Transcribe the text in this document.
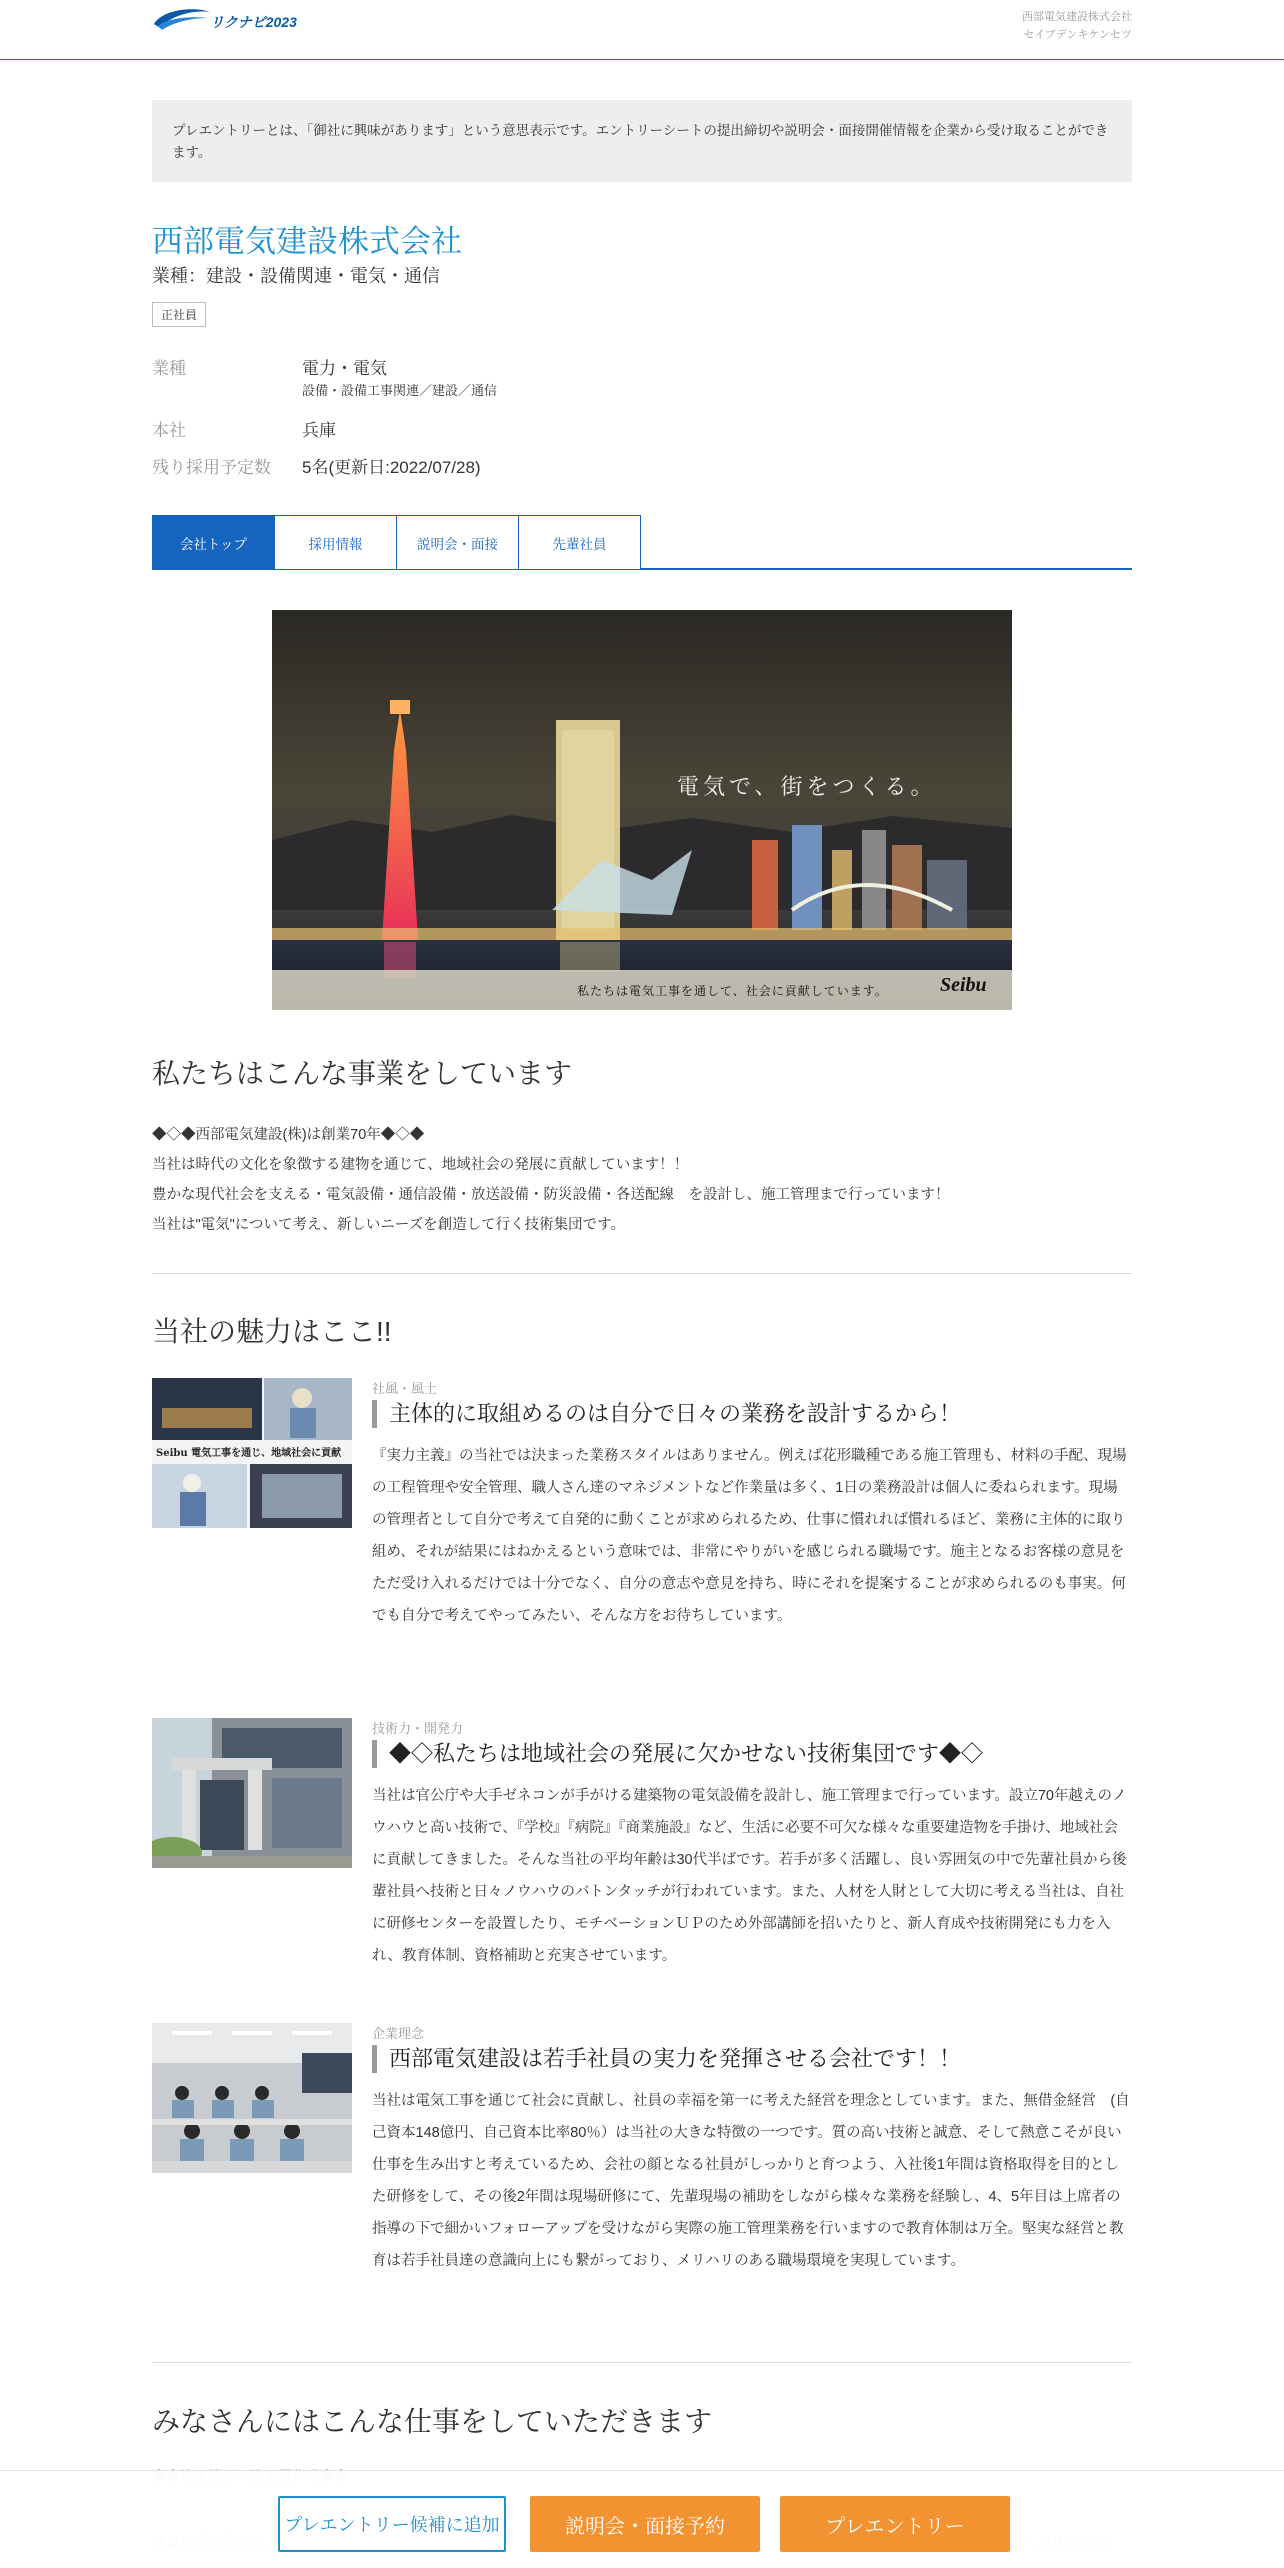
リクナビ2023	西部電気建設株式会社
セイブデンキケンセツ
プレエントリーとは、「御社に興味があります」という意思表示です。エントリーシートの提出締切や説明会・面接開催情報を企業から受け取ることができます。
西部電気建設株式会社
業種：建設・設備関連・電気・通信
正社員
業種	電力・電気
設備・設備工事関連／建設／通信
本社	兵庫
残り採用予定数	5名(更新日:2022/07/28)
会社トップ	採用情報	説明会・面接	先輩社員
電気で、街をつくる。
私たちは電気工事を通して、社会に貢献しています。	Seibu
私たちはこんな事業をしています
◆◇◆西部電気建設(株)は創業70年◆◇◆
当社は時代の文化を象徴する建物を通じて、地域社会の発展に貢献しています！！
豊かな現代社会を支える・電気設備・通信設備・放送設備・防災設備・各送配線　を設計し、施工管理まで行っています！
当社は"電気"について考え、新しいニーズを創造して行く技術集団です。
当社の魅力はここ!!
Seibu 電気工事を通じ、地域社会に貢献
社風・風土
主体的に取組めるのは自分で日々の業務を設計するから！
『実力主義』の当社では決まった業務スタイルはありません。例えば花形職種である施工管理も、材料の手配、現場の工程管理や安全管理、職人さん達のマネジメントなど作業量は多く、1日の業務設計は個人に委ねられます。現場の管理者として自分で考えて自発的に動くことが求められるため、仕事に慣れれば慣れるほど、業務に主体的に取り組め、それが結果にはねかえるという意味では、非常にやりがいを感じられる職場です。施主となるお客様の意見をただ受け入れるだけでは十分でなく、自分の意志や意見を持ち、時にそれを提案することが求められるのも事実。何でも自分で考えてやってみたい、そんな方をお待ちしています。
技術力・開発力
◆◇私たちは地域社会の発展に欠かせない技術集団です◆◇
当社は官公庁や大手ゼネコンが手がける建築物の電気設備を設計し、施工管理まで行っています。設立70年越えのノウハウと高い技術で、『学校』『病院』『商業施設』など、生活に必要不可欠な様々な重要建造物を手掛け、地域社会に貢献してきました。そんな当社の平均年齢は30代半ばです。若手が多く活躍し、良い雰囲気の中で先輩社員から後輩社員へ技術と日々ノウハウのバトンタッチが行われています。また、人材を人財として大切に考える当社は、自社に研修センターを設置したり、モチベーションＵＰのため外部講師を招いたりと、新人育成や技術開発にも力を入れ、教育体制、資格補助と充実させています。
企業理念
西部電気建設は若手社員の実力を発揮させる会社です！！
当社は電気工事を通じて社会に貢献し、社員の幸福を第一に考えた経営を理念としています。また、無借金経営　(自己資本148億円、自己資本比率80％）は当社の大きな特徴の一つです。質の高い技術と誠意、そして熱意こそが良い仕事を生み出すと考えているため、会社の顔となる社員がしっかりと育つよう、入社後1年間は資格取得を目的とした研修をして、その後2年間は現場研修にて、先輩現場の補助をしながら様々な業務を経験し、4、5年目は上席者の指導の下で細かいフォローアップを受けながら実際の施工管理業務を行いますので教育体制は万全。堅実な経営と教育は若手社員達の意識向上にも繋がっており、メリハリのある職場環境を実現しています。
みなさんにはこんな仕事をしていただきます
プレエントリー候補に追加	説明会・面接予約	プレエントリー
